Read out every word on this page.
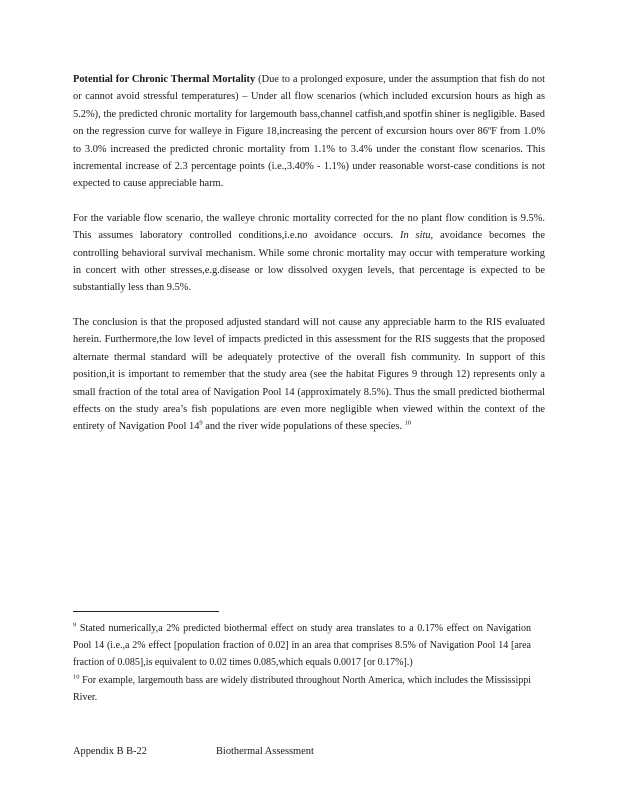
Potential for Chronic Thermal Mortality (Due to a prolonged exposure, under the assumption that fish do not or cannot avoid stressful temperatures) – Under all flow scenarios (which included excursion hours as high as 5.2%), the predicted chronic mortality for largemouth bass,channel catfish,and spotfin shiner is negligible. Based on the regression curve for walleye in Figure 18,increasing the percent of excursion hours over 86ºF from 1.0% to 3.0% increased the predicted chronic mortality from 1.1% to 3.4% under the constant flow scenarios. This incremental increase of 2.3 percentage points (i.e.,3.40% - 1.1%) under reasonable worst-case conditions is not expected to cause appreciable harm.

For the variable flow scenario, the walleye chronic mortality corrected for the no plant flow condition is 9.5%. This assumes laboratory controlled conditions,i.e.no avoidance occurs. In situ, avoidance becomes the controlling behavioral survival mechanism. While some chronic mortality may occur with temperature working in concert with other stresses,e.g.disease or low dissolved oxygen levels, that percentage is expected to be substantially less than 9.5%.

The conclusion is that the proposed adjusted standard will not cause any appreciable harm to the RIS evaluated herein. Furthermore,the low level of impacts predicted in this assessment for the RIS suggests that the proposed alternate thermal standard will be adequately protective of the overall fish community. In support of this position,it is important to remember that the study area (see the habitat Figures 9 through 12) represents only a small fraction of the total area of Navigation Pool 14 (approximately 8.5%). Thus the small predicted biothermal effects on the study area’s fish populations are even more negligible when viewed within the context of the entirety of Navigation Pool 14$^9$ and the river wide populations of these species. $^{10}$

$^9$ Stated numerically,a 2% predicted biothermal effect on study area translates to a 0.17% effect on Navigation Pool 14 (i.e.,a 2% effect [population fraction of 0.02] in an area that comprises 8.5% of Navigation Pool 14 [area fraction of 0.085],is equivalent to 0.02 times 0.085,which equals 0.0017 [or 0.17%].)

$^{10}$ For example, largemouth bass are widely distributed throughout North America, which includes the Mississippi River.

Appendix B B-22	Biothermal Assessment
